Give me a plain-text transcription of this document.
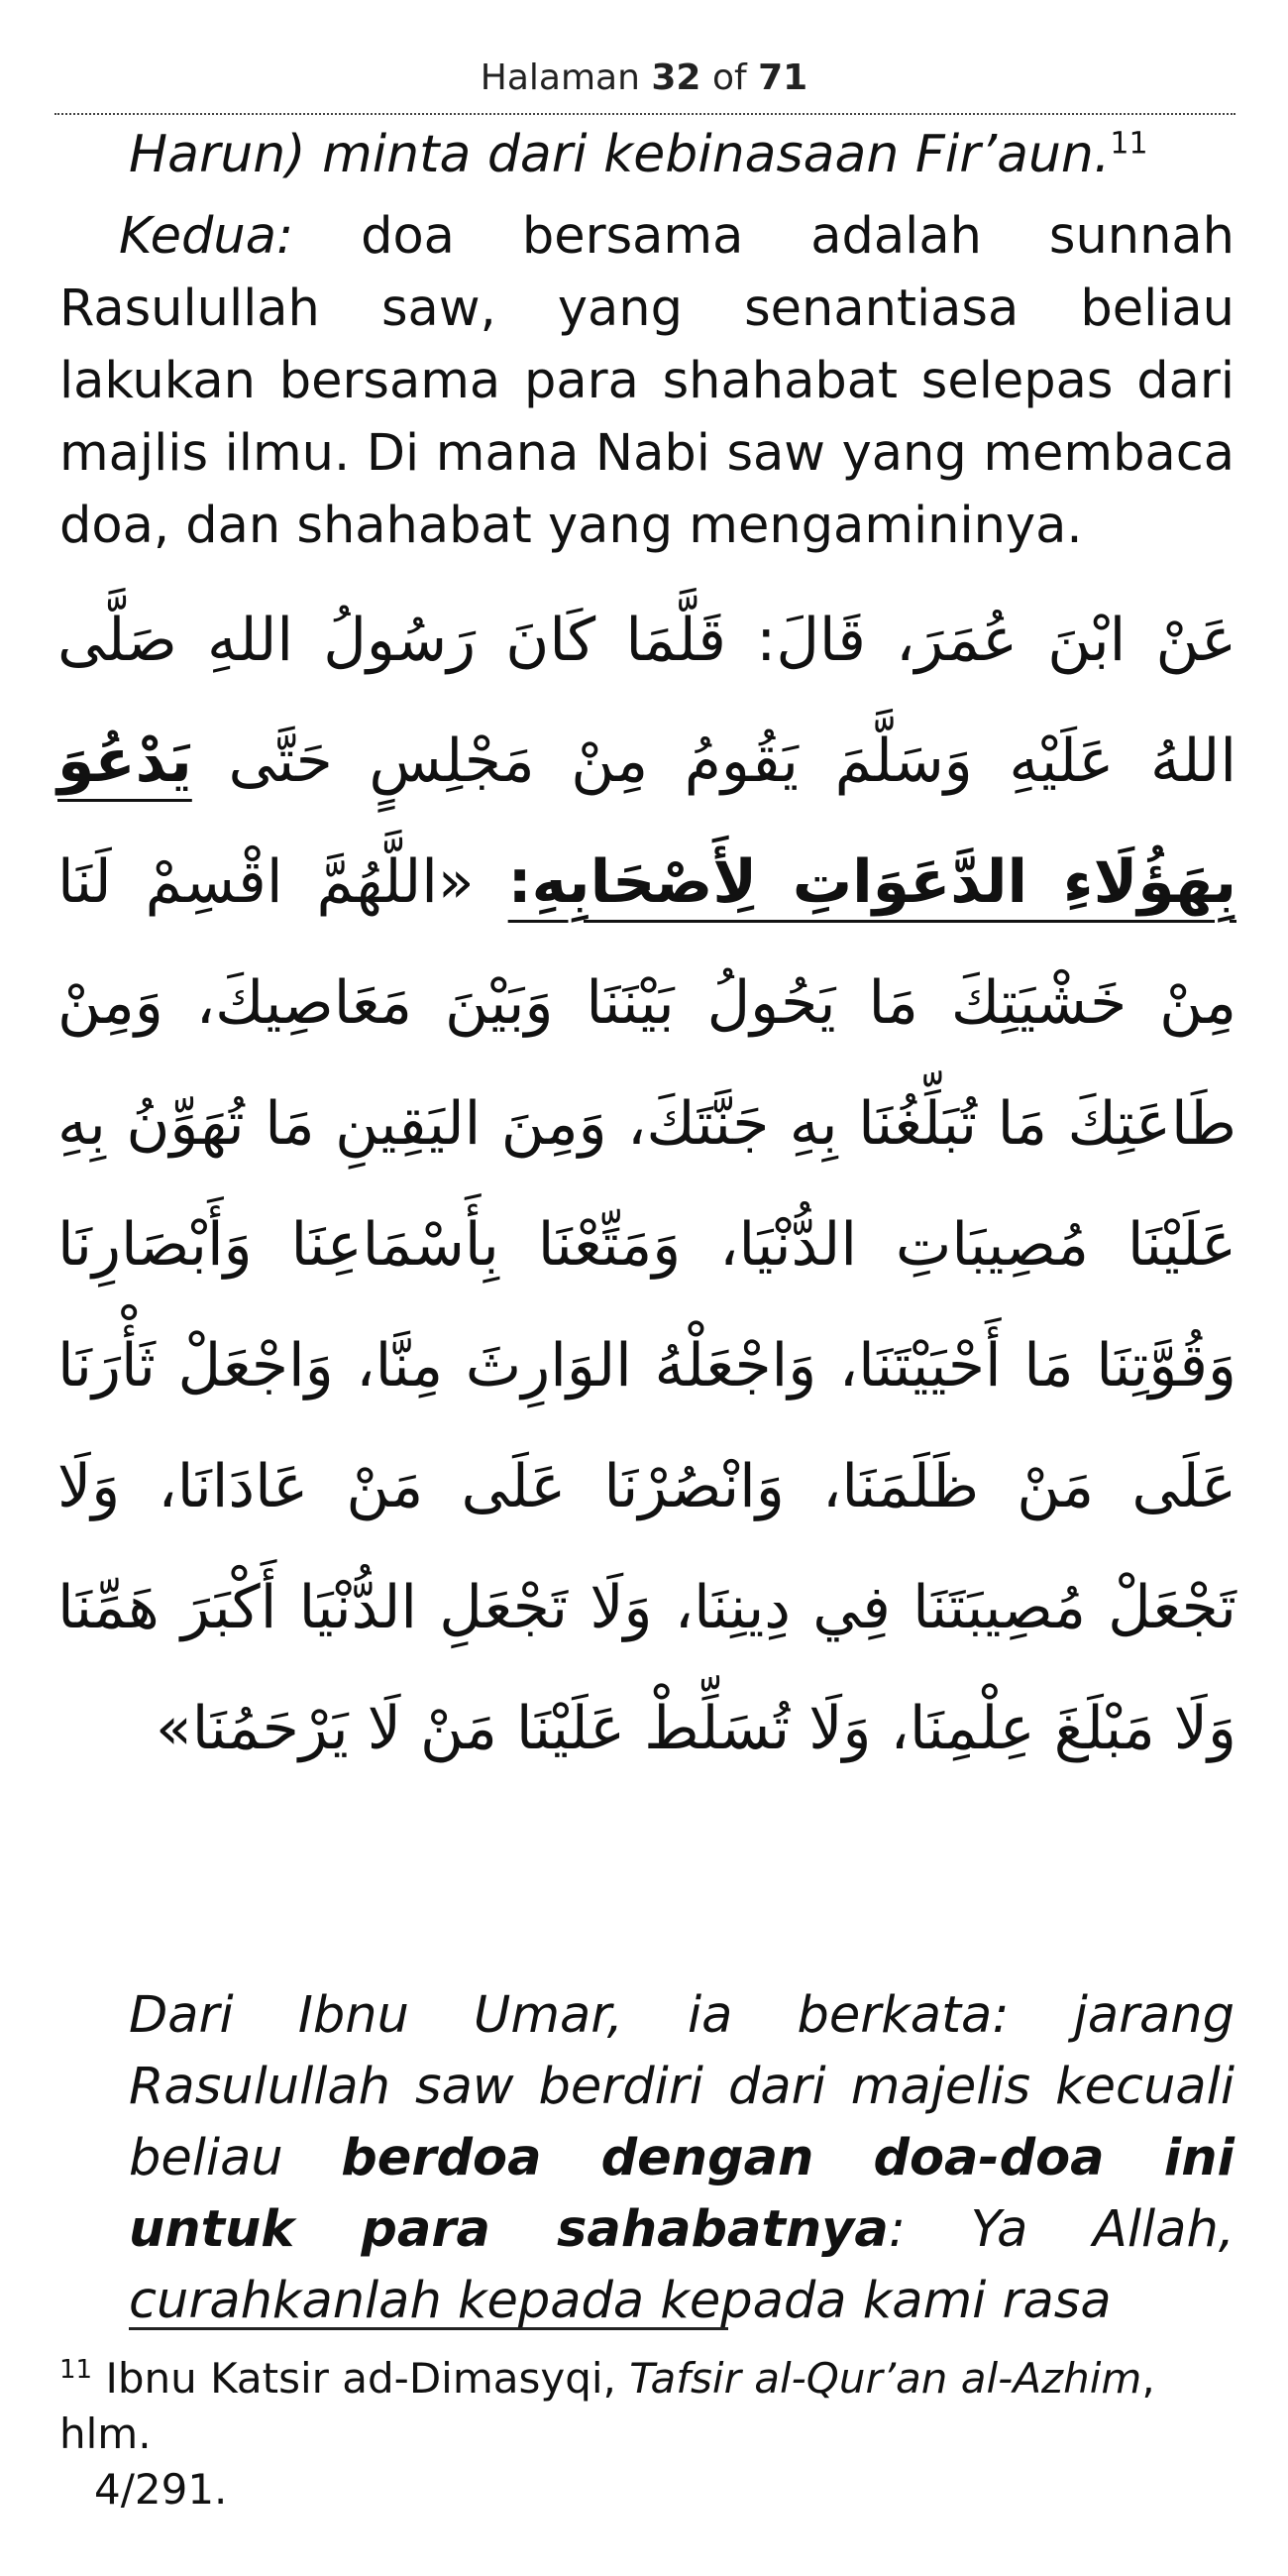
Halaman 32 of 71
Harun) minta dari kebinasaan Fir’aun.$^{11}$
Kedua: doa bersama adalah sunnah Rasulullah saw, yang senantiasa beliau lakukan bersama para shahabat selepas dari majlis ilmu. Di mana Nabi saw yang membaca doa, dan shahabat yang mengamininya.
عَنْ ابْنَ عُمَرَ، قَالَ: قَلَّمَا كَانَ رَسُولُ اللهِ صَلَّى اللهُ عَلَيْهِ وَسَلَّمَ يَقُومُ مِنْ مَجْلِسٍ حَتَّى يَدْعُوَ بِهَؤُلَاءِ الدَّعَوَاتِ لِأَصْحَابِهِ: «اللَّهُمَّ اقْسِمْ لَنَا مِنْ خَشْيَتِكَ مَا يَحُولُ بَيْنَنَا وَبَيْنَ مَعَاصِيكَ، وَمِنْ طَاعَتِكَ مَا تُبَلِّغُنَا بِهِ جَنَّتَكَ، وَمِنَ اليَقِينِ مَا تُهَوِّنُ بِهِ عَلَيْنَا مُصِيبَاتِ الدُّنْيَا، وَمَتِّعْنَا بِأَسْمَاعِنَا وَأَبْصَارِنَا وَقُوَّتِنَا مَا أَحْيَيْتَنَا، وَاجْعَلْهُ الوَارِثَ مِنَّا، وَاجْعَلْ ثَأْرَنَا عَلَى مَنْ ظَلَمَنَا، وَانْصُرْنَا عَلَى مَنْ عَادَانَا، وَلَا تَجْعَلْ مُصِيبَتَنَا فِي دِينِنَا، وَلَا تَجْعَلِ الدُّنْيَا أَكْبَرَ هَمِّنَا وَلَا مَبْلَغَ عِلْمِنَا، وَلَا تُسَلِّطْ عَلَيْنَا مَنْ لَا يَرْحَمُنَا»
Dari Ibnu Umar, ia berkata: jarang Rasulullah saw berdiri dari majelis kecuali beliau berdoa dengan doa-doa ini untuk para sahabatnya: Ya Allah, curahkanlah kepada kepada kami rasa
$^{11}$ Ibnu Katsir ad-Dimasyqi, Tafsir al-Qur’an al-Azhim, hlm.
4/291.
